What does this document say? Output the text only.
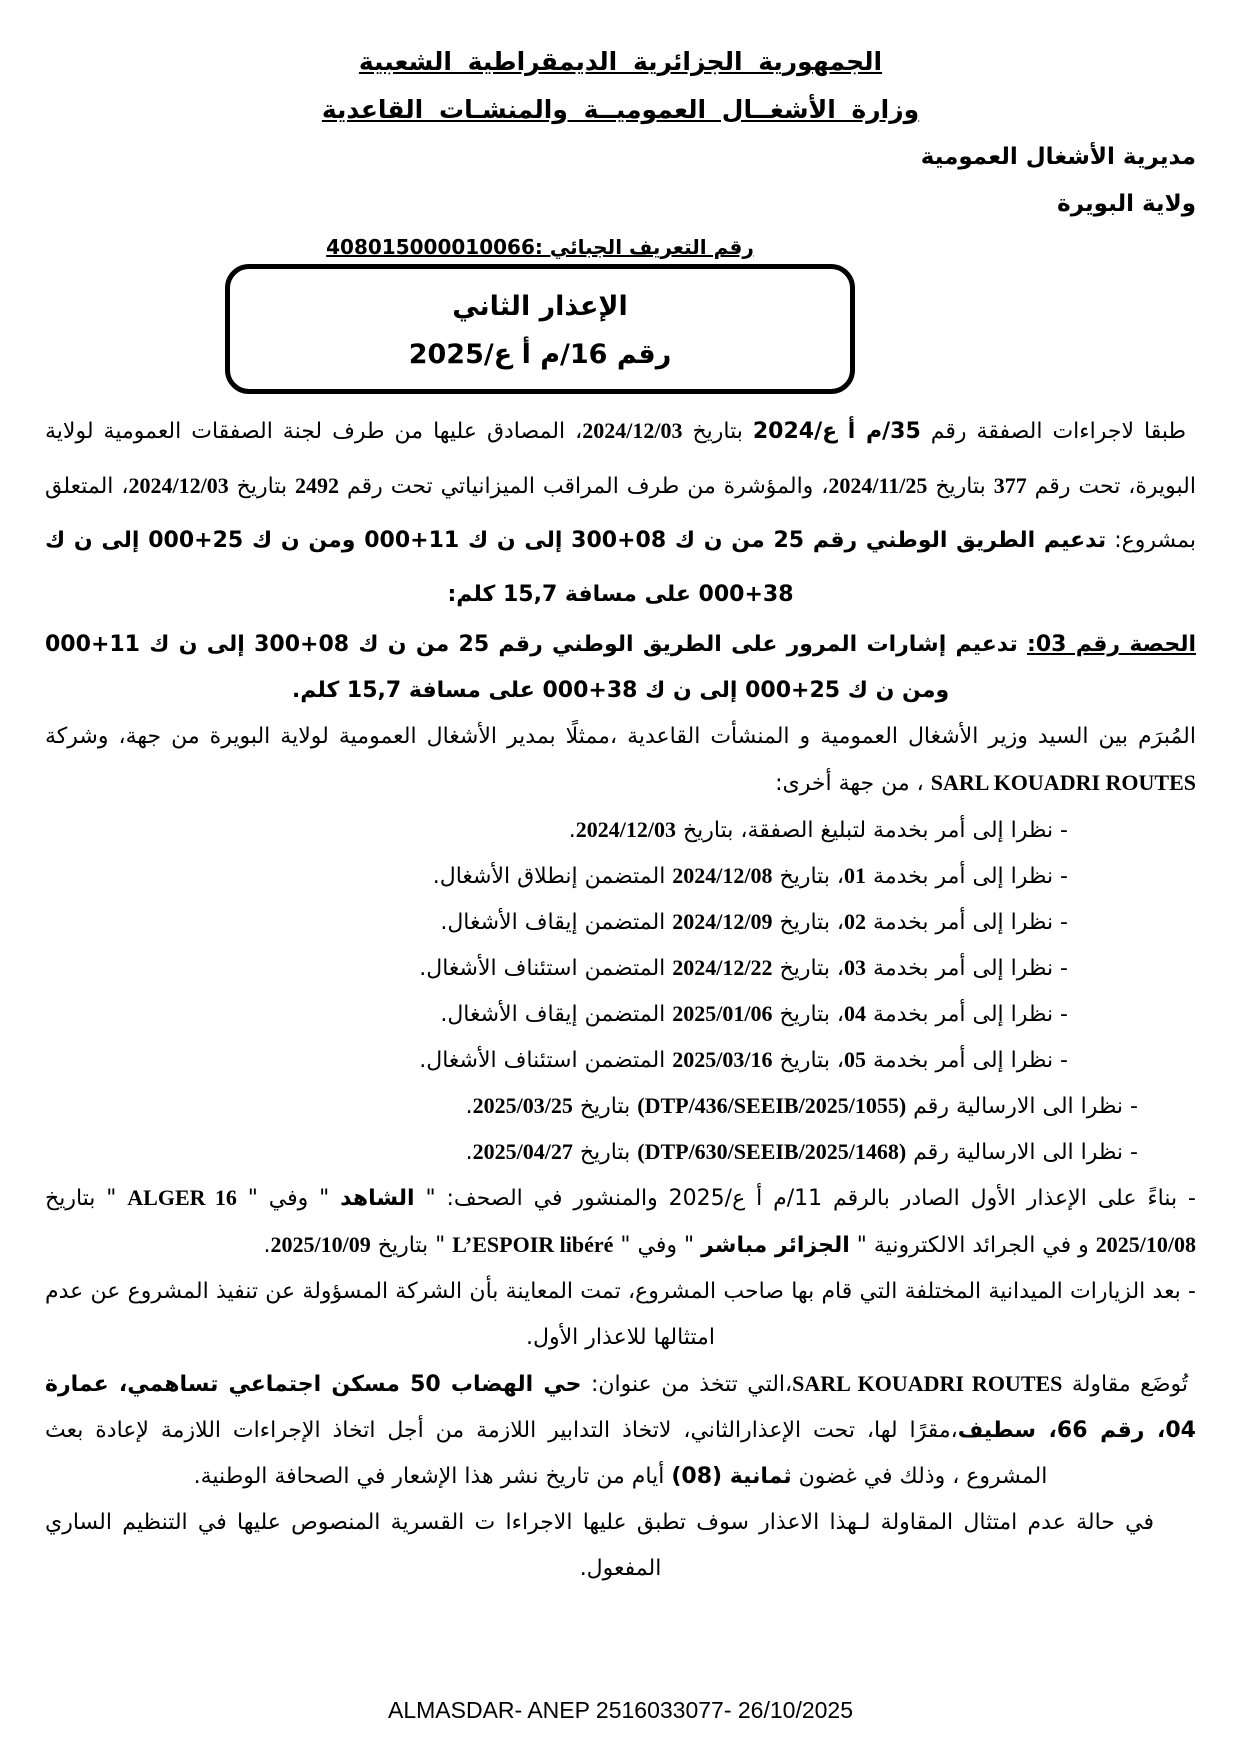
الجمهورية الجزائرية الديمقراطية الشعبية
وزارة الأشغــال العموميــة والمنشـات القاعدية
مديرية الأشغال العمومية
ولاية البويرة
رقم التعريف الجبائي :408015000010066
الإعذار الثاني
رقم 16/م أ ع/2025

طبقا لاجراءات الصفقة رقم 35/م أ ع/2024 بتاريخ 2024/12/03، المصادق عليها من طرف لجنة الصفقات العمومية لولاية البويرة، تحت رقم 377 بتاريخ 2024/11/25، والمؤشرة من طرف المراقب الميزانياتي تحت رقم 2492 بتاريخ 2024/12/03، المتعلق بمشروع: تدعيم الطريق الوطني رقم 25 من ن ك 08+300 إلى ن ك 11+000 ومن ن ك 25+000 إلى ن ك 38+000 على مسافة 15,7 كلم:

الحصة رقم 03: تدعيم إشارات المرور على الطريق الوطني رقم 25 من ن ك 08+300 إلى ن ك 11+000 ومن ن ك 25+000 إلى ن ك 38+000 على مسافة 15,7 كلم.

المُبرَم بين السيد وزير الأشغال العمومية و المنشأت القاعدية ،ممثلًا بمدير الأشغال العمومية لولاية البويرة من جهة، وشركة SARL KOUADRI ROUTES ، من جهة أخرى:

- نظرا إلى أمر بخدمة لتبليغ الصفقة، بتاريخ 2024/12/03.
- نظرا إلى أمر بخدمة 01، بتاريخ 2024/12/08 المتضمن إنطلاق الأشغال.
- نظرا إلى أمر بخدمة 02، بتاريخ 2024/12/09 المتضمن إيقاف الأشغال.
- نظرا إلى أمر بخدمة 03، بتاريخ 2024/12/22 المتضمن استئناف الأشغال.
- نظرا إلى أمر بخدمة 04، بتاريخ 2025/01/06 المتضمن إيقاف الأشغال.
- نظرا إلى أمر بخدمة 05، بتاريخ 2025/03/16 المتضمن استئناف الأشغال.
- نظرا الى الارسالية رقم (1055/DTP/436/SEEIB/2025) بتاريخ 2025/03/25.
- نظرا الى الارسالية رقم (1468/DTP/630/SEEIB/2025) بتاريخ 2025/04/27.

- بناءً على الإعذار الأول الصادر بالرقم 11/م أ ع/2025 والمنشور في الصحف: " الشاهد " وفي " ALGER 16 " بتاريخ 2025/10/08 و في الجرائد الالكترونية " الجزائر مباشر " وفي " L’ESPOIR libéré " بتاريخ 2025/10/09.

- بعد الزيارات الميدانية المختلفة التي قام بها صاحب المشروع، تمت المعاينة بأن الشركة المسؤولة عن تنفيذ المشروع عن عدم امتثالها للاعذار الأول.

تُوضَع مقاولة SARL KOUADRI ROUTES،التي تتخذ من عنوان: حي الهضاب 50 مسكن اجتماعي تساهمي، عمارة 04، رقم 66، سطيف،مقرًا لها، تحت الإعذارالثاني، لاتخاذ التدابير اللازمة من أجل اتخاذ الإجراءات اللازمة لإعادة بعث المشروع ، وذلك في غضون ثمانية (08) أيام من تاريخ نشر هذا الإشعار في الصحافة الوطنية.

في حالة عدم امتثال المقاولة لـهذا الاعذار سوف تطبق عليها الاجراءا ت القسرية المنصوص عليها في التنظيم الساري المفعول.

ALMASDAR- ANEP 2516033077- 26/10/2025
